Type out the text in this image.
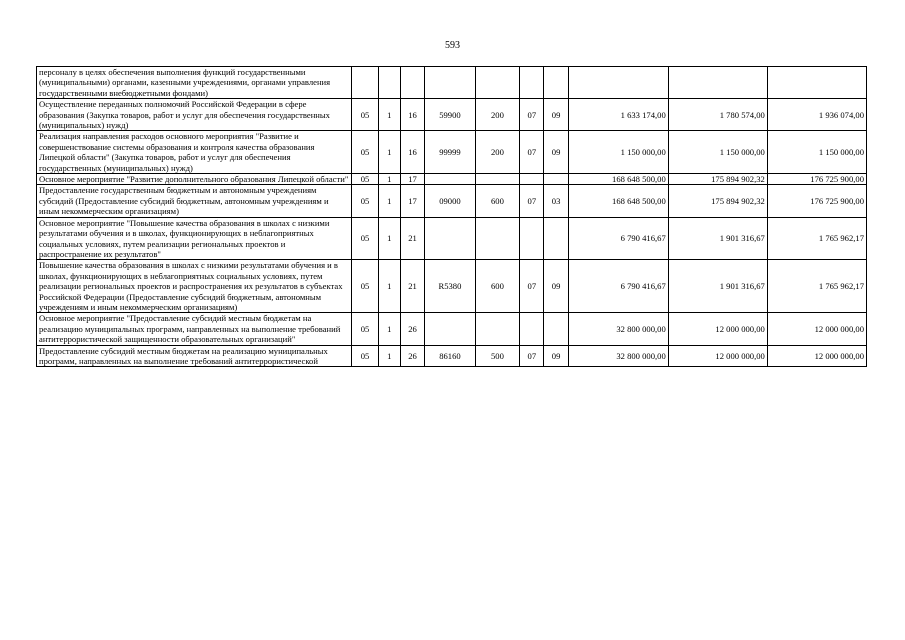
593
персоналу в целях обеспечения выполнения функций государственными (муниципальными) органами, казенными учреждениями, органами управления государственными внебюджетными фондами)										
Осуществление переданных полномочий Российской Федерации в сфере образования (Закупка товаров, работ и услуг для обеспечения государственных (муниципальных) нужд)	05	1	16	59900	200	07	09	1 633 174,00	1 780 574,00	1 936 074,00
Реализация направления расходов основного мероприятия "Развитие и совершенствование системы образования и контроля качества образования Липецкой области" (Закупка товаров, работ и услуг для обеспечения государственных (муниципальных) нужд)	05	1	16	99999	200	07	09	1 150 000,00	1 150 000,00	1 150 000,00
Основное мероприятие "Развитие дополнительного образования Липецкой области"	05	1	17					168 648 500,00	175 894 902,32	176 725 900,00
Предоставление государственным бюджетным и автономным учреждениям субсидий (Предоставление субсидий бюджетным, автономным учреждениям и иным некоммерческим организациям)	05	1	17	09000	600	07	03	168 648 500,00	175 894 902,32	176 725 900,00
Основное мероприятие "Повышение качества образования в школах с низкими результатами обучения и в школах, функционирующих в неблагоприятных социальных условиях, путем реализации региональных проектов и распространение их результатов"	05	1	21					6 790 416,67	1 901 316,67	1 765 962,17
Повышение качества образования в школах с низкими результатами обучения и в школах, функционирующих в неблагоприятных социальных условиях, путем реализации региональных проектов и распространения их результатов в субъектах Российской Федерации (Предоставление субсидий бюджетным, автономным учреждениям и иным некоммерческим организациям)	05	1	21	R5380	600	07	09	6 790 416,67	1 901 316,67	1 765 962,17
Основное мероприятие "Предоставление субсидий местным бюджетам на реализацию муниципальных программ, направленных на выполнение требований антитеррористической защищенности образовательных организаций"	05	1	26					32 800 000,00	12 000 000,00	12 000 000,00
Предоставление субсидий местным бюджетам на реализацию муниципальных программ, направленных на выполнение требований антитеррористической	05	1	26	86160	500	07	09	32 800 000,00	12 000 000,00	12 000 000,00
